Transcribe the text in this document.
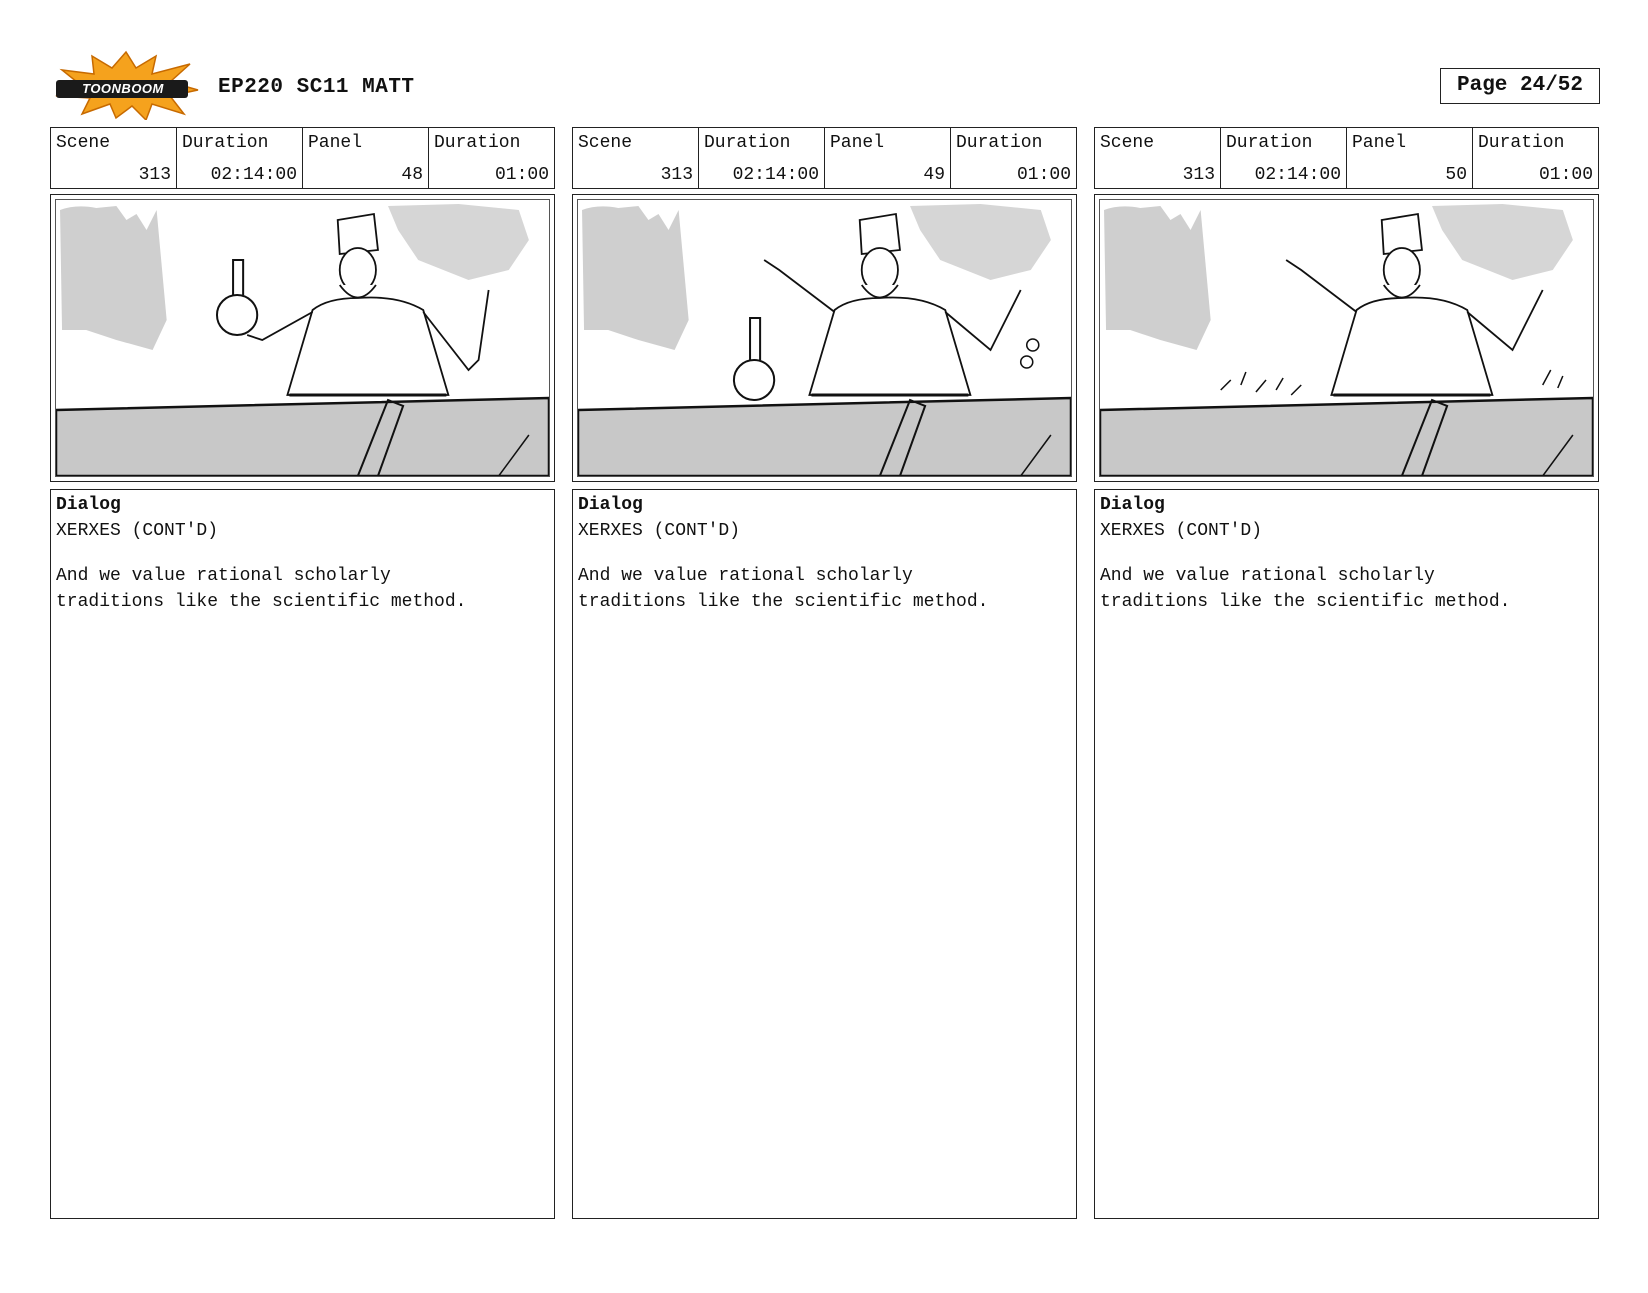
TOONBOOM	EP220 SC11 MATT	Page 24/52
Scene
313
Duration
02:14:00
Panel
48
Duration
01:00
Dialog
XERXES (CONT'D)
And we value rational scholarly
traditions like the scientific method.
Scene
313
Duration
02:14:00
Panel
49
Duration
01:00
Dialog
XERXES (CONT'D)
And we value rational scholarly
traditions like the scientific method.
Scene
313
Duration
02:14:00
Panel
50
Duration
01:00
Dialog
XERXES (CONT'D)
And we value rational scholarly
traditions like the scientific method.
